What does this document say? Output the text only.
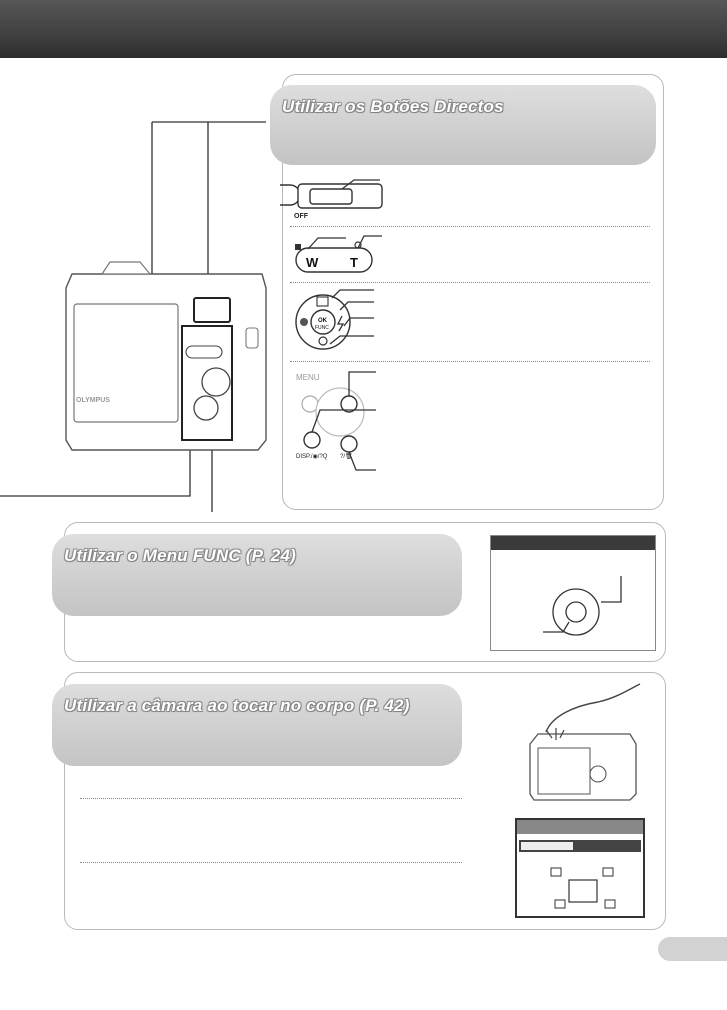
Utilizar os Botões Directos
OFF
W T
OK
FUNC
MENU
DISP./◉/?Q ?/🗑
OLYMPUS
Utilizar o Menu FUNC (P. 24)
Utilizar a câmara ao tocar no corpo (P. 42)
